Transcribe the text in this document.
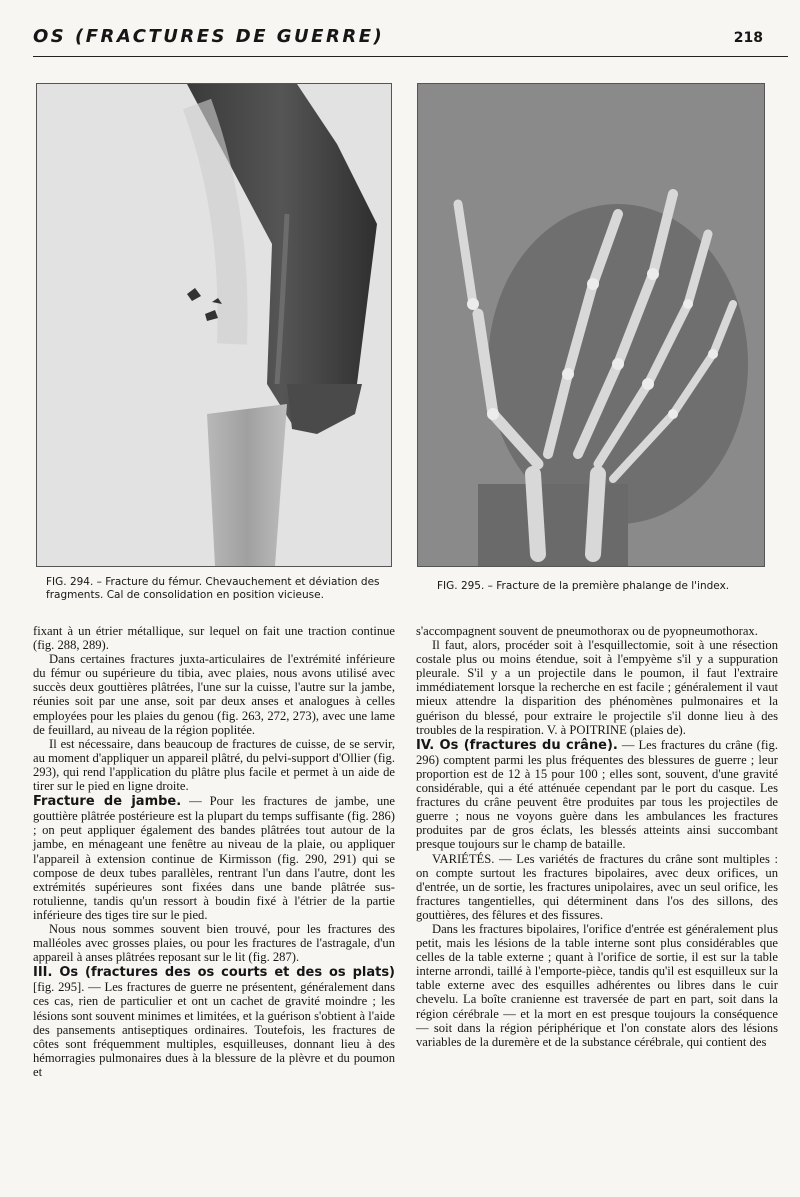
OS (FRACTURES DE GUERRE)	218
FIG. 294. – Fracture du fémur. Chevauchement et déviation des fragments. Cal de consolidation en position vicieuse.
FIG. 295. – Fracture de la première phalange de l'index.

fixant à un étrier métallique, sur lequel on fait une traction continue (fig. 288, 289).

Dans certaines fractures juxta-articulaires de l'extrémité inférieure du fémur ou supérieure du tibia, avec plaies, nous avons utilisé avec succès deux gouttières plâtrées, l'une sur la cuisse, l'autre sur la jambe, réunies soit par une anse, soit par deux anses et analogues à celles employées pour les plaies du genou (fig. 263, 272, 273), avec une lame de feuillard, au niveau de la région poplitée.

Il est nécessaire, dans beaucoup de fractures de cuisse, de se servir, au moment d'appliquer un appareil plâtré, du pelvi-support d'Ollier (fig. 293), qui rend l'application du plâtre plus facile et permet à un aide de tirer sur le pied en ligne droite.

Fracture de jambe. — Pour les fractures de jambe, une gouttière plâtrée postérieure est la plupart du temps suffisante (fig. 286) ; on peut appliquer également des bandes plâtrées tout autour de la jambe, en ménageant une fenêtre au niveau de la plaie, ou appliquer l'appareil à extension continue de Kirmisson (fig. 290, 291) qui se compose de deux tubes parallèles, rentrant l'un dans l'autre, dont les extrémités supérieures sont fixées dans une bande plâtrée sus-rotulienne, tandis qu'un ressort à boudin fixé à l'étrier de la partie inférieure des tiges tire sur le pied.

Nous nous sommes souvent bien trouvé, pour les fractures des malléoles avec grosses plaies, ou pour les fractures de l'astragale, d'un appareil à anses plâtrées reposant sur le lit (fig. 287).

III. Os (fractures des os courts et des os plats) [fig. 295]. — Les fractures de guerre ne présentent, généralement dans ces cas, rien de particulier et ont un cachet de gravité moindre ; les lésions sont souvent minimes et limitées, et la guérison s'obtient à l'aide des pansements antiseptiques ordinaires. Toutefois, les fractures de côtes sont fréquemment multiples, esquilleuses, donnant lieu à des hémorragies pulmonaires dues à la blessure de la plèvre et du poumon et

s'accompagnent souvent de pneumothorax ou de pyopneumothorax.

Il faut, alors, procéder soit à l'esquillectomie, soit à une résection costale plus ou moins étendue, soit à l'empyème s'il y a suppuration pleurale. S'il y a un projectile dans le poumon, il faut l'extraire immédiatement lorsque la recherche en est facile ; généralement il vaut mieux attendre la disparition des phénomènes pulmonaires et la guérison du blessé, pour extraire le projectile s'il donne lieu à des troubles de la respiration. V. à POITRINE (plaies de).

IV. Os (fractures du crâne). — Les fractures du crâne (fig. 296) comptent parmi les plus fréquentes des blessures de guerre ; leur proportion est de 12 à 15 pour 100 ; elles sont, souvent, d'une gravité considérable, qui a été atténuée cependant par le port du casque. Les fractures du crâne peuvent être produites par tous les projectiles de guerre ; nous ne voyons guère dans les ambulances les fractures produites par de gros éclats, les blessés atteints ainsi succombant presque toujours sur le champ de bataille.

VARIÉTÉS. — Les variétés de fractures du crâne sont multiples : on compte surtout les fractures bipolaires, avec deux orifices, un d'entrée, un de sortie, les fractures unipolaires, avec un seul orifice, les fractures tangentielles, qui déterminent dans l'os des sillons, des gouttières, des fêlures et des fissures.

Dans les fractures bipolaires, l'orifice d'entrée est généralement plus petit, mais les lésions de la table interne sont plus considérables que celles de la table externe ; quant à l'orifice de sortie, il est sur la table interne arrondi, taillé à l'emporte-pièce, tandis qu'il est esquilleux sur la table externe avec des esquilles adhérentes ou libres dans le cuir chevelu. La boîte cranienne est traversée de part en part, soit dans la région cérébrale — et la mort en est presque toujours la conséquence — soit dans la région périphérique et l'on constate alors des lésions variables de la duremère et de la substance cérébrale, qui contient des
